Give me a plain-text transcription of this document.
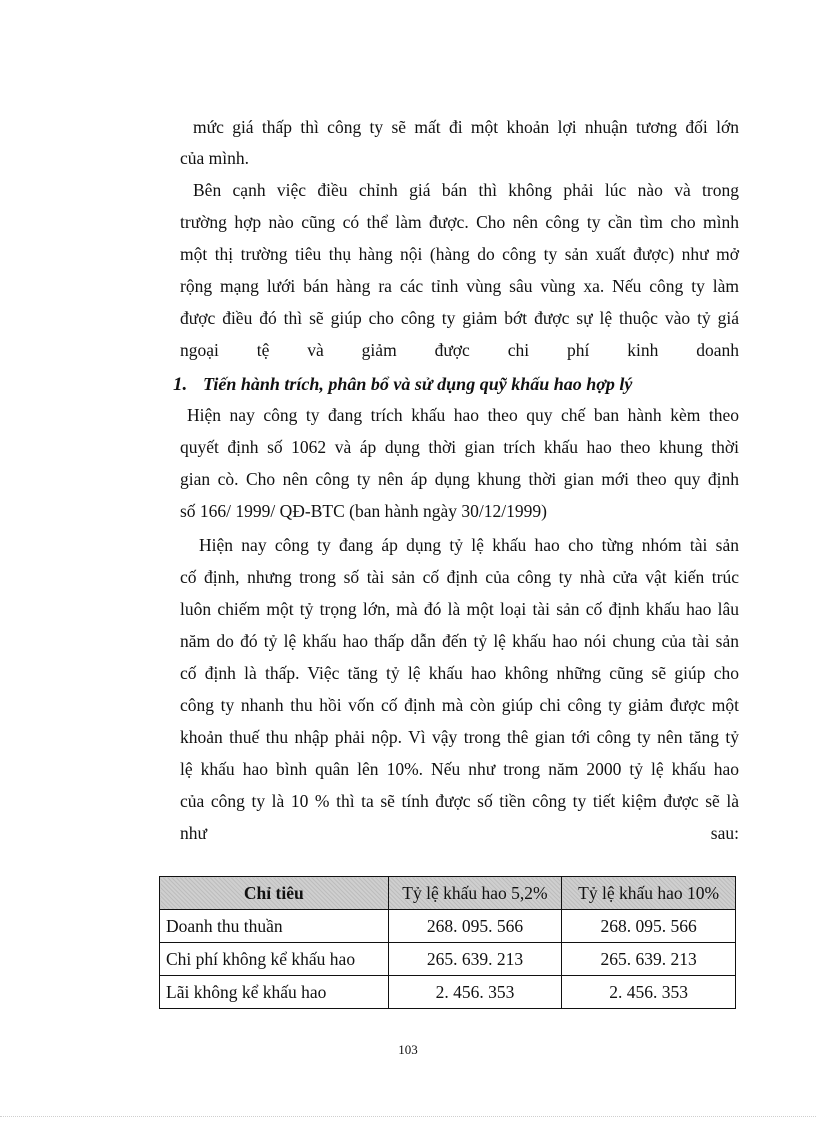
mức giá thấp thì công ty sẽ mất đi một khoản lợi nhuận tương đối lớn
của mình.
Bên cạnh việc điều chỉnh giá bán thì không phải lúc nào và trong
trường hợp nào cũng có thể làm được. Cho nên công ty cần tìm cho mình
một thị trường tiêu thụ hàng nội (hàng do công ty sản xuất được) như mở
rộng mạng lưới bán hàng ra các tỉnh vùng sâu vùng xa. Nếu công ty làm
được điều đó thì sẽ giúp cho công ty giảm bớt được sự lệ thuộc vào tỷ giá
ngoại tệ và giảm được chi phí kinh doanh
1. Tiến hành trích, phân bổ và sử dụng quỹ khấu hao hợp lý
Hiện nay công ty đang trích khấu hao theo quy chế ban hành kèm theo
quyết định số 1062 và áp dụng thời gian trích khấu hao theo khung thời
gian cò. Cho nên công ty nên áp dụng khung thời gian mới theo quy định
số 166/ 1999/ QĐ-BTC (ban hành ngày 30/12/1999)
Hiện nay công ty đang áp dụng tỷ lệ khấu hao cho từng nhóm tài sản
cố định, nhưng trong số tài sản cố định của công ty nhà cửa vật kiến trúc
luôn chiếm một tỷ trọng lớn, mà đó là một loại tài sản cố định khấu hao lâu
năm do đó tỷ lệ khấu hao thấp dẫn đến tỷ lệ khấu hao nói chung của tài sản
cố định là thấp. Việc tăng tỷ lệ khấu hao không những cũng sẽ giúp cho
công ty nhanh thu hồi vốn cố định mà còn giúp chi công ty giảm được một
khoản thuế thu nhập phải nộp. Vì vậy trong thê gian tới công ty nên tăng tỷ
lệ khấu hao bình quân lên 10%. Nếu như trong năm 2000 tỷ lệ khấu hao
của công ty là 10 % thì ta sẽ tính được số tiền công ty tiết kiệm được sẽ là
như sau:
Chỉ tiêu	Tỷ lệ khấu hao 5,2%	Tỷ lệ khấu hao 10%
Doanh thu thuần	268. 095. 566	268. 095. 566
Chi phí không kể khấu hao	265. 639. 213	265. 639. 213
Lãi không kể khấu hao	2. 456. 353	2. 456. 353
103
